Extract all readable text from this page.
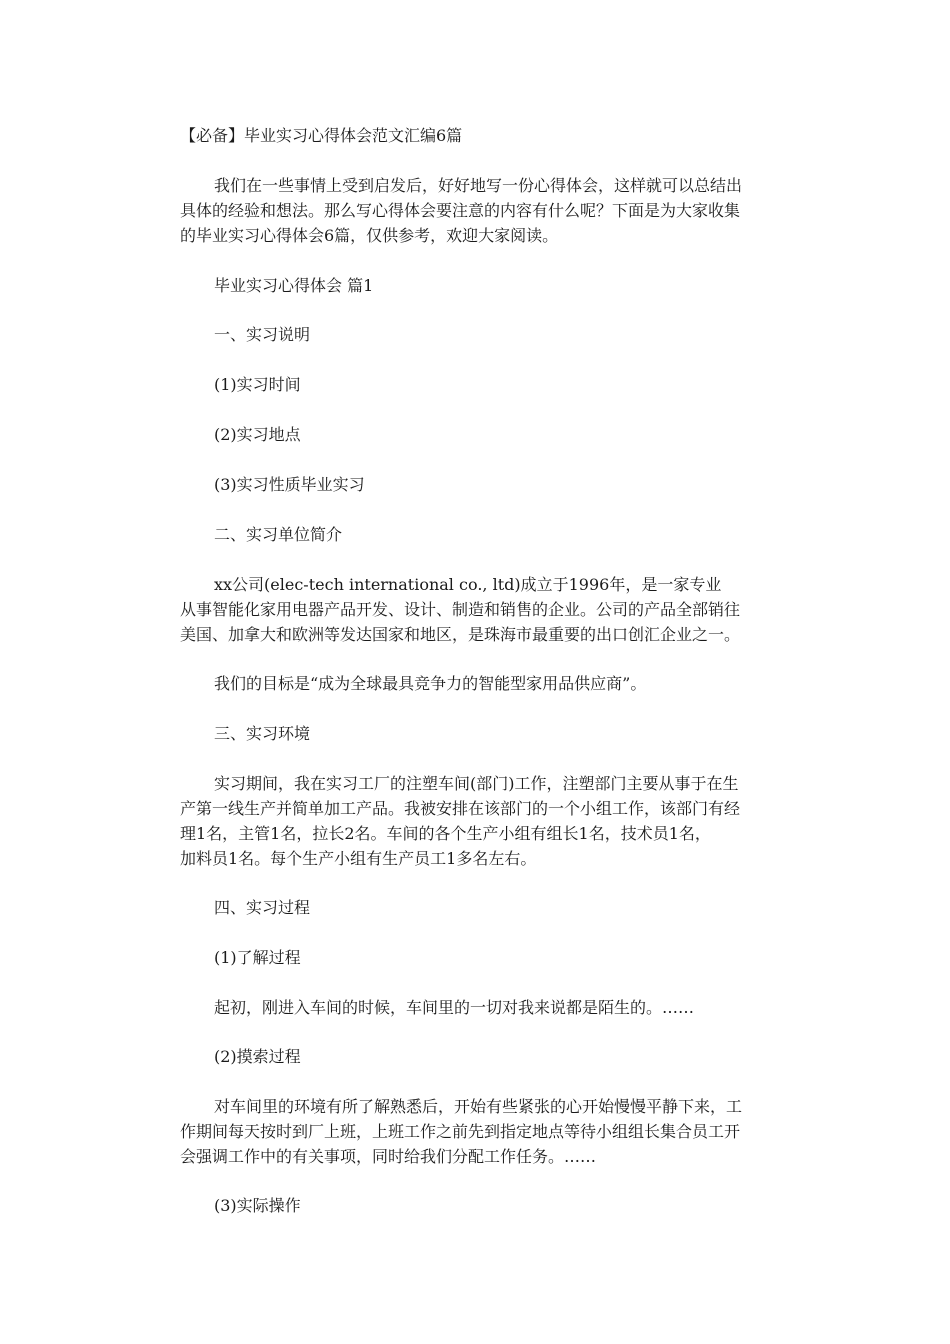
【必备】毕业实习心得体会范文汇编6篇
我们在一些事情上受到启发后，好好地写一份心得体会，这样就可以总结出
具体的经验和想法。那么写心得体会要注意的内容有什么呢？下面是为大家收集
的毕业实习心得体会6篇，仅供参考，欢迎大家阅读。
毕业实习心得体会 篇1
一、实习说明
(1)实习时间
(2)实习地点
(3)实习性质毕业实习
二、实习单位简介
xx公司(elec-tech international co., ltd)成立于1996年，是一家专业
从事智能化家用电器产品开发、设计、制造和销售的企业。公司的产品全部销往
美国、加拿大和欧洲等发达国家和地区，是珠海市最重要的出口创汇企业之一。
我们的目标是“成为全球最具竞争力的智能型家用品供应商”。
三、实习环境
实习期间，我在实习工厂的注塑车间(部门)工作，注塑部门主要从事于在生
产第一线生产并简单加工产品。我被安排在该部门的一个小组工作，该部门有经
理1名，主管1名，拉长2名。车间的各个生产小组有组长1名，技术员1名，
加料员1名。每个生产小组有生产员工1多名左右。
四、实习过程
(1)了解过程
起初，刚进入车间的时候，车间里的一切对我来说都是陌生的。……
(2)摸索过程
对车间里的环境有所了解熟悉后，开始有些紧张的心开始慢慢平静下来，工
作期间每天按时到厂上班，上班工作之前先到指定地点等待小组组长集合员工开
会强调工作中的有关事项，同时给我们分配工作任务。……
(3)实际操作
